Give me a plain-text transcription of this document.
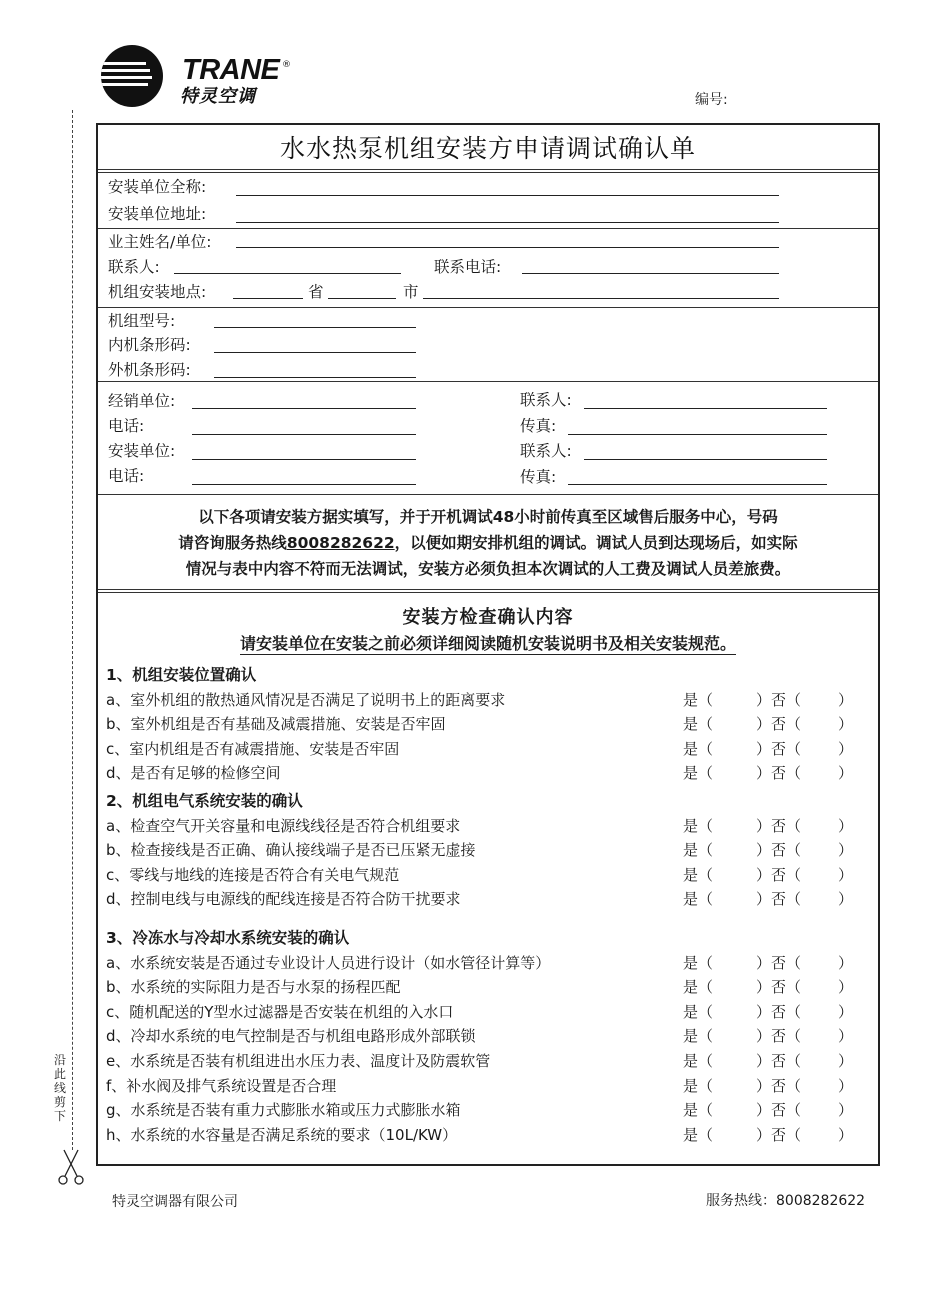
TRANE ®
特灵空调	编号:
沿
此
线
剪
下
水水热泵机组安装方申请调试确认单
安装单位全称:
安装单位地址:
业主姓名/单位:
联系人:	联系电话:
机组安装地点:	省	市
机组型号:
内机条形码:
外机条形码:
经销单位:	联系人:
电话:	传真:
安装单位:	联系人:
电话:	传真:
以下各项请安装方据实填写，并于开机调试48小时前传真至区域售后服务中心，号码
请咨询服务热线8008282622，以便如期安排机组的调试。调试人员到达现场后，如实际
情况与表中内容不符而无法调试，安装方必须负担本次调试的人工费及调试人员差旅费。
安装方检查确认内容
请安装单位在安装之前必须详细阅读随机安装说明书及相关安装规范。
1、机组安装位置确认
a、室外机组的散热通风情况是否满足了说明书上的距离要求	是（	）否（ ）
b、室外机组是否有基础及减震措施、安装是否牢固	是（	）否（ ）
c、室内机组是否有减震措施、安装是否牢固	是（	）否（ ）
d、是否有足够的检修空间	是（	）否（ ）
2、机组电气系统安装的确认
a、检查空气开关容量和电源线线径是否符合机组要求	是（	）否（ ）
b、检查接线是否正确、确认接线端子是否已压紧无虚接	是（	）否（ ）
c、零线与地线的连接是否符合有关电气规范	是（	）否（ ）
d、控制电线与电源线的配线连接是否符合防干扰要求	是（	）否（ ）
3、冷冻水与冷却水系统安装的确认
a、水系统安装是否通过专业设计人员进行设计（如水管径计算等）	是（	）否（ ）
b、水系统的实际阻力是否与水泵的扬程匹配	是（	）否（ ）
c、随机配送的Y型水过滤器是否安装在机组的入水口	是（	）否（ ）
d、冷却水系统的电气控制是否与机组电路形成外部联锁	是（	）否（ ）
e、水系统是否装有机组进出水压力表、温度计及防震软管	是（	）否（ ）
f、补水阀及排气系统设置是否合理	是（	）否（ ）
g、水系统是否装有重力式膨胀水箱或压力式膨胀水箱	是（	）否（ ）
h、水系统的水容量是否满足系统的要求（10L/KW）	是（	）否（ ）
特灵空调器有限公司	服务热线：8008282622
